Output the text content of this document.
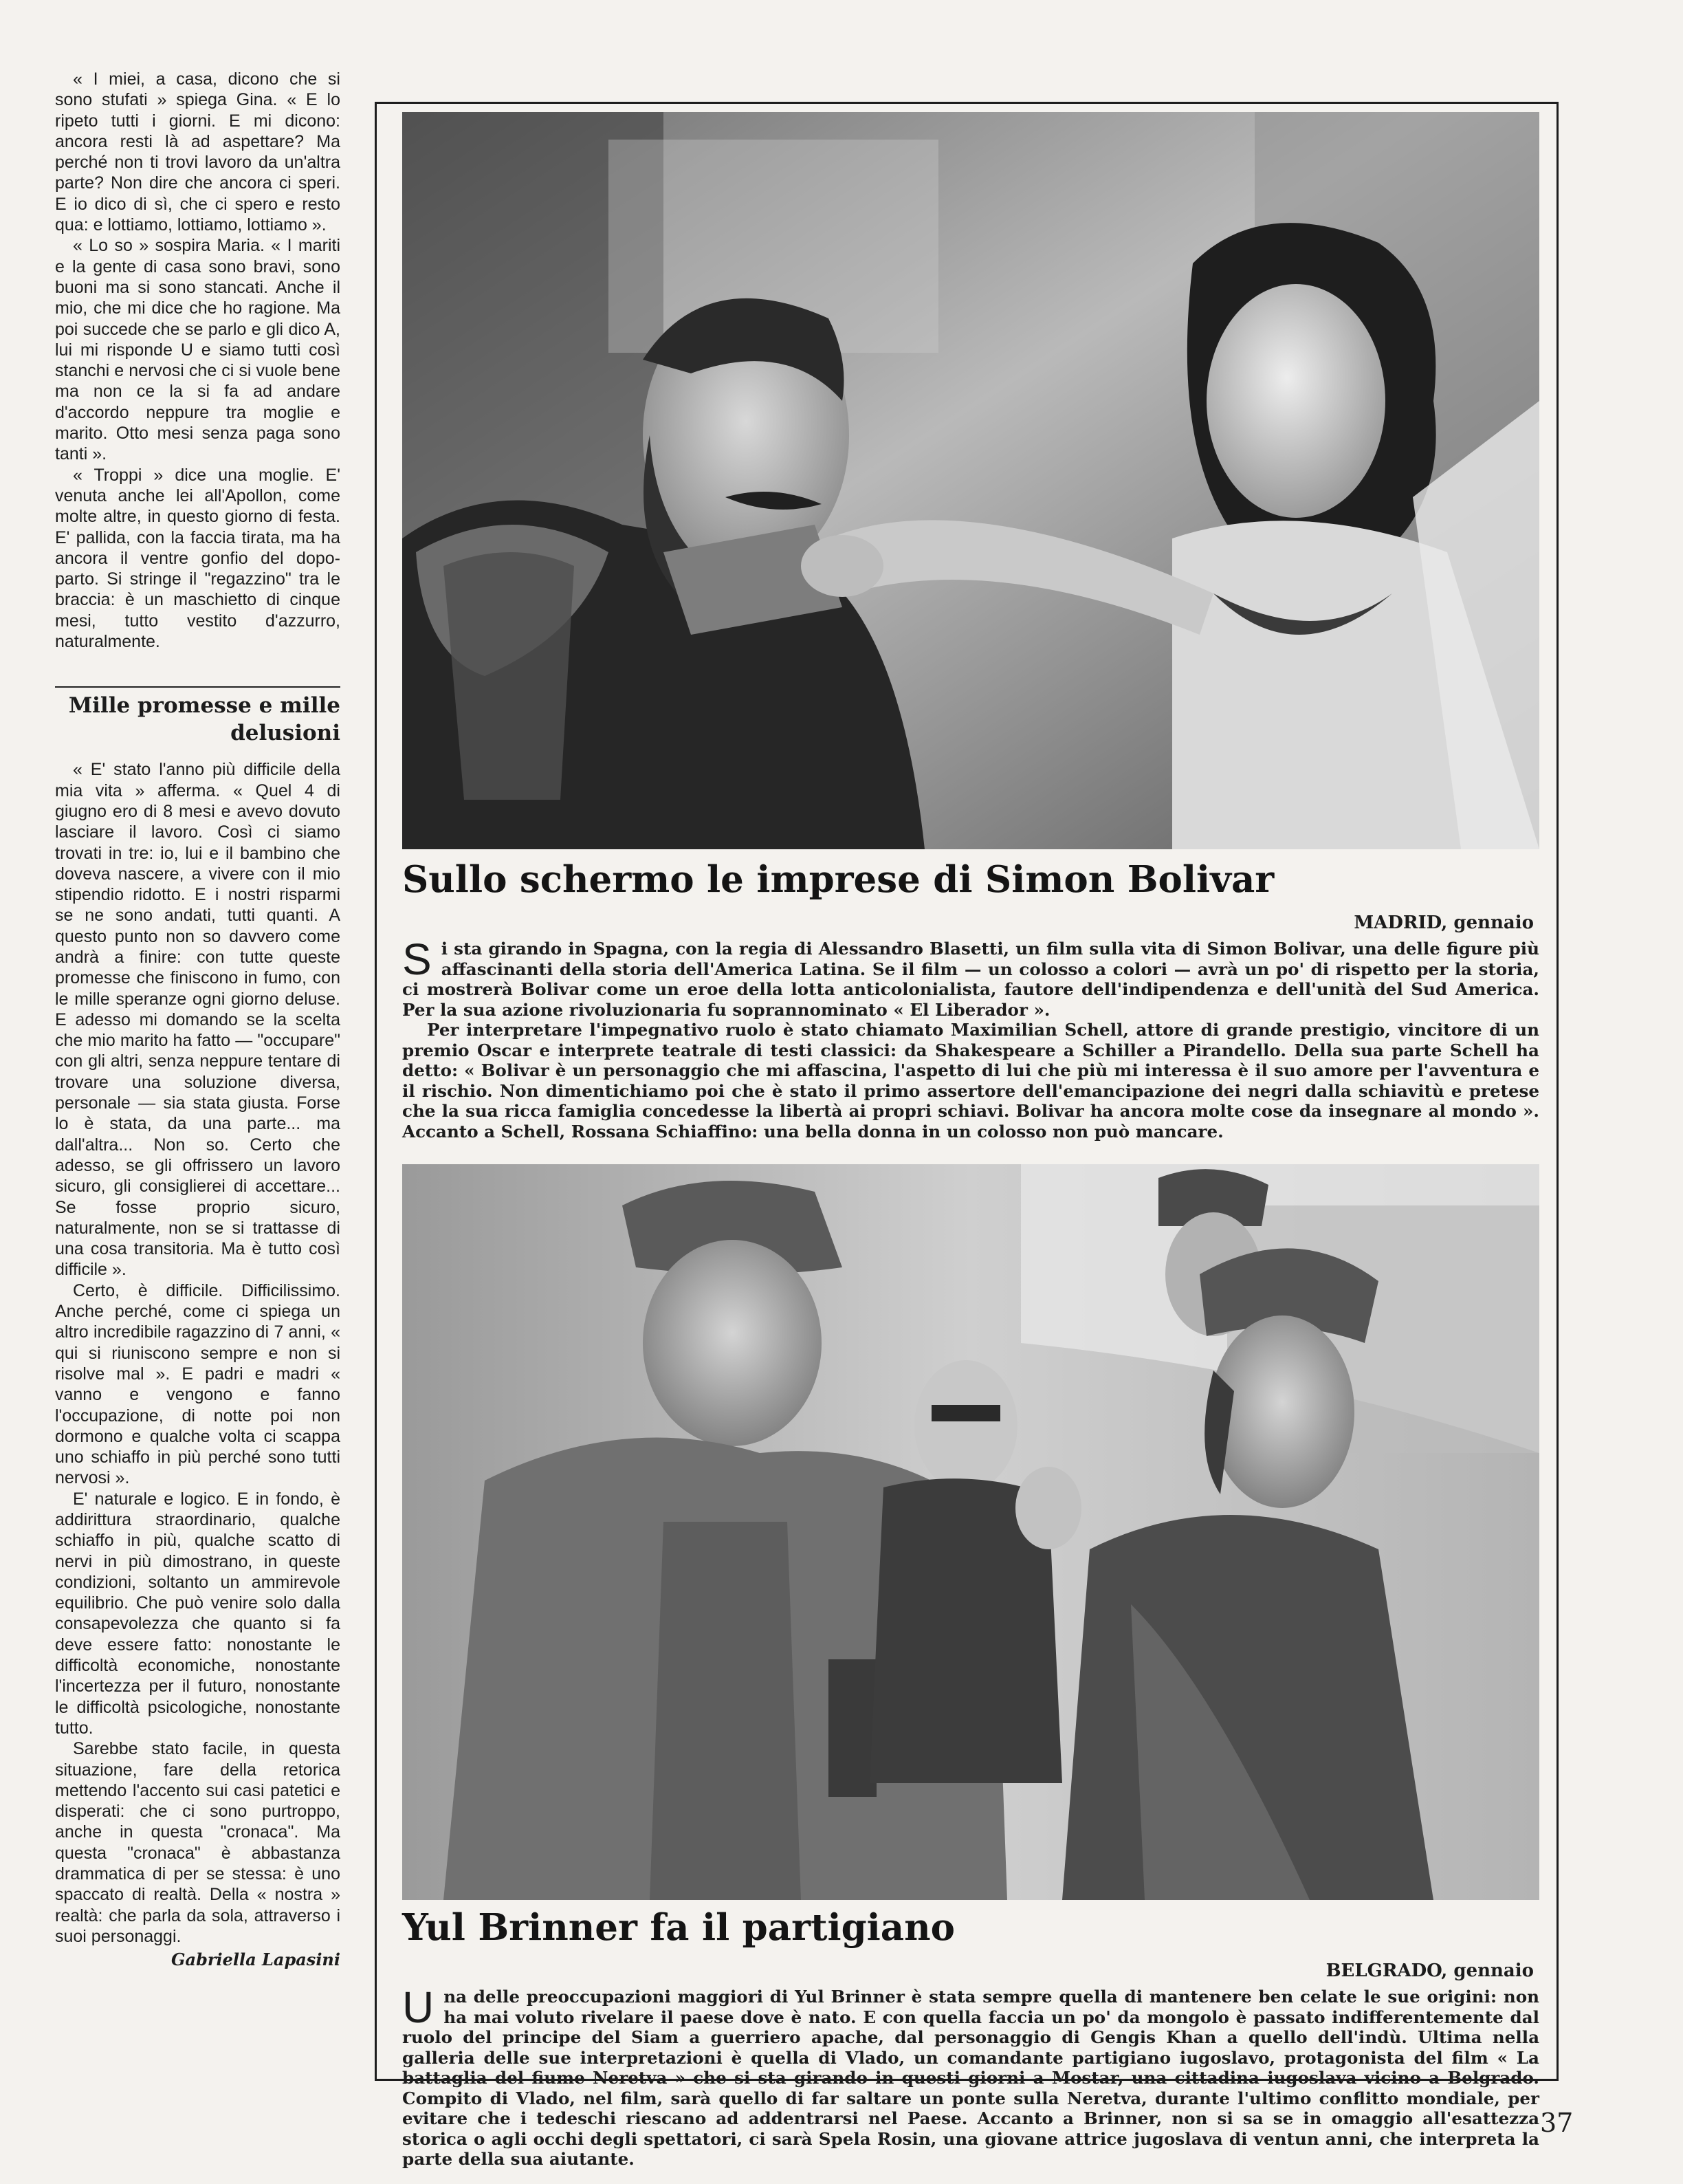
« I miei, a casa, dicono che si sono stufati » spiega Gina. « E lo ripeto tutti i giorni. E mi dicono: ancora resti là ad aspettare? Ma perché non ti trovi lavoro da un'altra parte? Non dire che ancora ci speri. E io dico di sì, che ci spero e resto qua: e lottiamo, lottiamo, lottiamo ».

« Lo so » sospira Maria. « I mariti e la gente di casa sono bravi, sono buoni ma si sono stancati. Anche il mio, che mi dice che ho ragione. Ma poi succede che se parlo e gli dico A, lui mi risponde U e siamo tutti così stanchi e nervosi che ci si vuole bene ma non ce la si fa ad andare d'accordo neppure tra moglie e marito. Otto mesi senza paga sono tanti ».

« Troppi » dice una moglie. E' venuta anche lei all'Apollon, come molte altre, in questo giorno di festa. E' pallida, con la faccia tirata, ma ha ancora il ventre gonfio del dopo-parto. Si stringe il "regazzino" tra le braccia: è un maschietto di cinque mesi, tutto vestito d'azzurro, naturalmente.

Mille promesse e mille delusioni

« E' stato l'anno più difficile della mia vita » afferma. « Quel 4 di giugno ero di 8 mesi e avevo dovuto lasciare il lavoro. Così ci siamo trovati in tre: io, lui e il bambino che doveva nascere, a vivere con il mio stipendio ridotto. E i nostri risparmi se ne sono andati, tutti quanti. A questo punto non so davvero come andrà a finire: con tutte queste promesse che finiscono in fumo, con le mille speranze ogni giorno deluse. E adesso mi domando se la scelta che mio marito ha fatto — "occupare" con gli altri, senza neppure tentare di trovare una soluzione diversa, personale — sia stata giusta. Forse lo è stata, da una parte... ma dall'altra... Non so. Certo che adesso, se gli offrissero un lavoro sicuro, gli consiglierei di accettare... Se fosse proprio sicuro, naturalmente, non se si trattasse di una cosa transitoria. Ma è tutto così difficile ».

Certo, è difficile. Difficilissimo. Anche perché, come ci spiega un altro incredibile ragazzino di 7 anni, « qui si riuniscono sempre e non si risolve mal ». E padri e madri « vanno e vengono e fanno l'occupazione, di notte poi non dormono e qualche volta ci scappa uno schiaffo in più perché sono tutti nervosi ».

E' naturale e logico. E in fondo, è addirittura straordinario, qualche schiaffo in più, qualche scatto di nervi in più dimostrano, in queste condizioni, soltanto un ammirevole equilibrio. Che può venire solo dalla consapevolezza che quanto si fa deve essere fatto: nonostante le difficoltà economiche, nonostante l'incertezza per il futuro, nonostante le difficoltà psicologiche, nonostante tutto.

Sarebbe stato facile, in questa situazione, fare della retorica mettendo l'accento sui casi patetici e disperati: che ci sono purtroppo, anche in questa "cronaca". Ma questa "cronaca" è abbastanza drammatica di per se stessa: è uno spaccato di realtà. Della « nostra » realtà: che parla da sola, attraverso i suoi personaggi.

Gabriella Lapasini
Sullo schermo le imprese di Simon Bolivar

MADRID, gennaio

Si sta girando in Spagna, con la regia di Alessandro Blasetti, un film sulla vita di Simon Bolivar, una delle figure più affascinanti della storia dell'America Latina. Se il film — un colosso a colori — avrà un po' di rispetto per la storia, ci mostrerà Bolivar come un eroe della lotta anticolonialista, fautore dell'indipendenza e dell'unità del Sud America. Per la sua azione rivoluzionaria fu soprannominato « El Liberador ».

Per interpretare l'impegnativo ruolo è stato chiamato Maximilian Schell, attore di grande prestigio, vincitore di un premio Oscar e interprete teatrale di testi classici: da Shakespeare a Schiller a Pirandello. Della sua parte Schell ha detto: « Bolivar è un personaggio che mi affascina, l'aspetto di lui che più mi interessa è il suo amore per l'avventura e il rischio. Non dimentichiamo poi che è stato il primo assertore dell'emancipazione dei negri dalla schiavitù e pretese che la sua ricca famiglia concedesse la libertà ai propri schiavi. Bolivar ha ancora molte cose da insegnare al mondo ». Accanto a Schell, Rossana Schiaffino: una bella donna in un colosso non può mancare.

Yul Brinner fa il partigiano

BELGRADO, gennaio

Una delle preoccupazioni maggiori di Yul Brinner è stata sempre quella di mantenere ben celate le sue origini: non ha mai voluto rivelare il paese dove è nato. E con quella faccia un po' da mongolo è passato indifferentemente dal ruolo del principe del Siam a guerriero apache, dal personaggio di Gengis Khan a quello dell'indù. Ultima nella galleria delle sue interpretazioni è quella di Vlado, un comandante partigiano iugoslavo, protagonista del film « La battaglia del fiume Neretva » che si sta girando in questi giorni a Mostar, una cittadina iugoslava vicino a Belgrado. Compito di Vlado, nel film, sarà quello di far saltare un ponte sulla Neretva, durante l'ultimo conflitto mondiale, per evitare che i tedeschi riescano ad addentrarsi nel Paese. Accanto a Brinner, non si sa se in omaggio all'esattezza storica o agli occhi degli spettatori, ci sarà Spela Rosin, una giovane attrice jugoslava di ventun anni, che interpreta la parte della sua aiutante.

37
